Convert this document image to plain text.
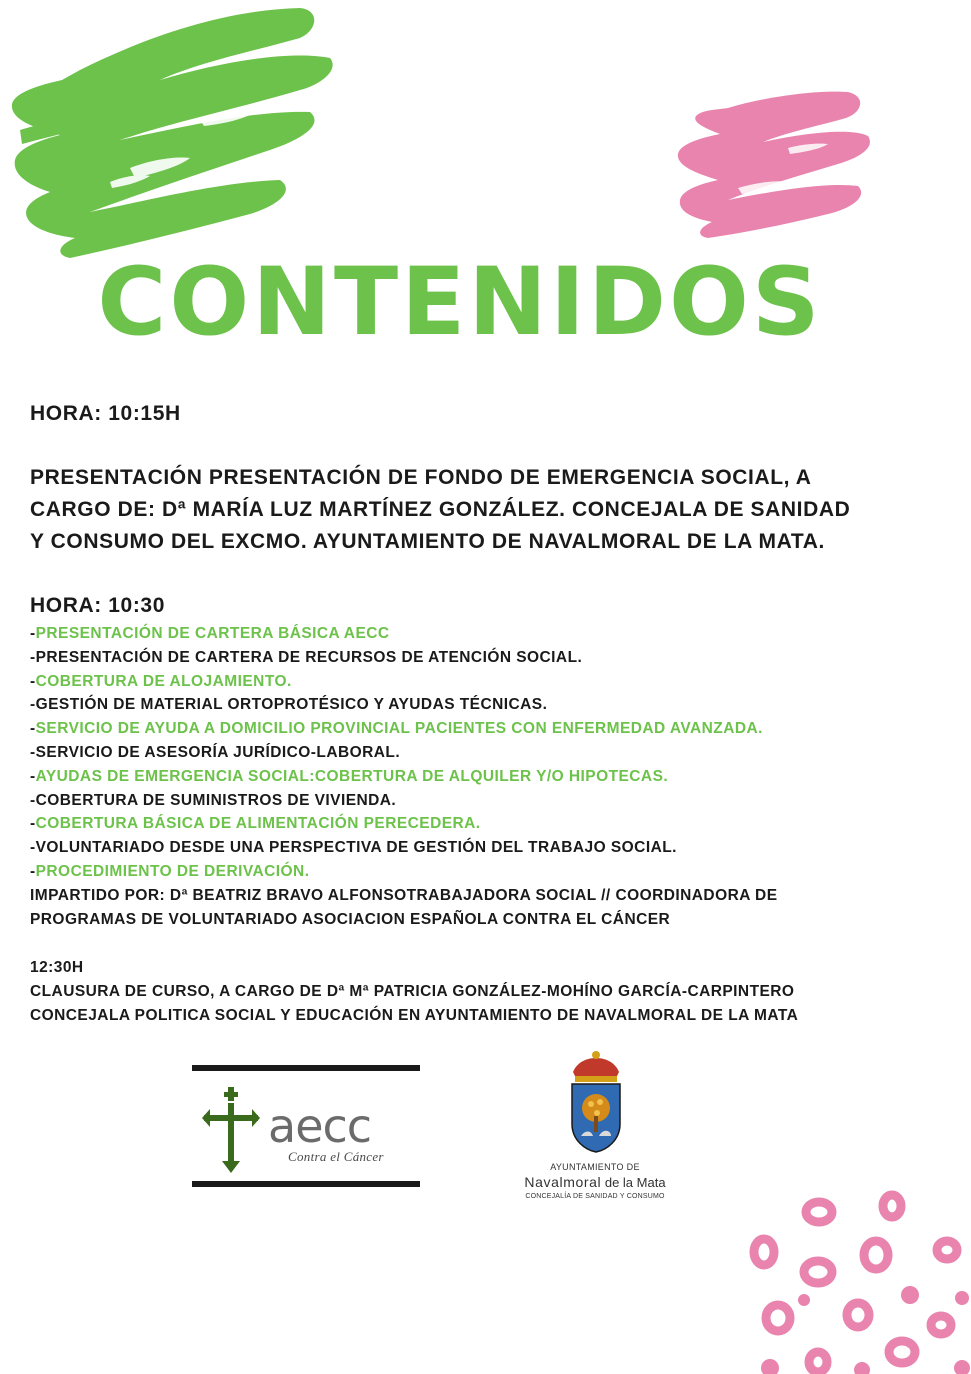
CONTENIDOS
HORA: 10:15H
PRESENTACIÓN PRESENTACIÓN DE FONDO DE EMERGENCIA SOCIAL, A
CARGO DE: Dª MARÍA LUZ MARTÍNEZ GONZÁLEZ. CONCEJALA DE SANIDAD
Y CONSUMO DEL EXCMO. AYUNTAMIENTO DE NAVALMORAL DE LA MATA.
HORA: 10:30
-PRESENTACIÓN DE CARTERA BÁSICA AECC
-PRESENTACIÓN DE CARTERA DE RECURSOS DE ATENCIÓN SOCIAL.
-COBERTURA DE ALOJAMIENTO.
-GESTIÓN DE MATERIAL ORTOPROTÉSICO Y AYUDAS TÉCNICAS.
-SERVICIO DE AYUDA A DOMICILIO PROVINCIAL PACIENTES CON ENFERMEDAD AVANZADA.
-SERVICIO DE ASESORÍA JURÍDICO-LABORAL.
-AYUDAS DE EMERGENCIA SOCIAL:COBERTURA DE ALQUILER Y/O HIPOTECAS.
-COBERTURA DE SUMINISTROS DE VIVIENDA.
-COBERTURA BÁSICA DE ALIMENTACIÓN PERECEDERA.
-VOLUNTARIADO DESDE UNA PERSPECTIVA DE GESTIÓN DEL TRABAJO SOCIAL.
-PROCEDIMIENTO DE DERIVACIÓN.
IMPARTIDO POR: Dª BEATRIZ BRAVO ALFONSOTRABAJADORA SOCIAL // COORDINADORA DE
PROGRAMAS DE VOLUNTARIADO ASOCIACION ESPAÑOLA CONTRA EL CÁNCER
12:30H
CLAUSURA DE CURSO, A CARGO DE Dª Mª PATRICIA GONZÁLEZ-MOHÍNO GARCÍA-CARPINTERO
CONCEJALA POLITICA SOCIAL Y EDUCACIÓN EN AYUNTAMIENTO DE NAVALMORAL DE LA MATA
aecc
Contra el Cáncer
AYUNTAMIENTO DE
Navalmoral de la Mata
CONCEJALÍA DE SANIDAD Y CONSUMO
